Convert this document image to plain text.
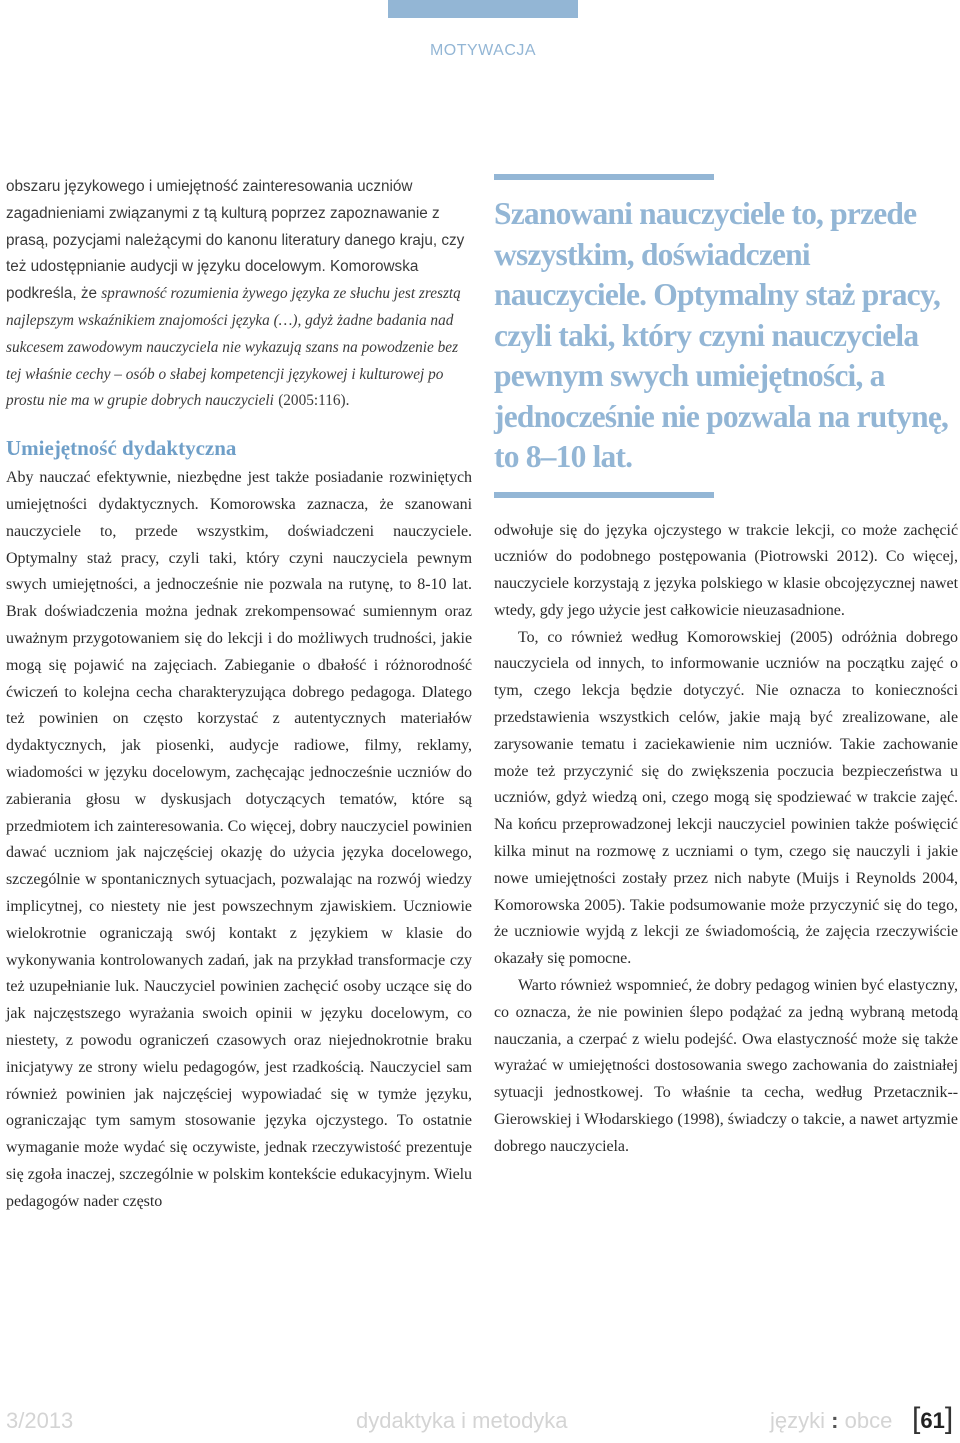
MOTYWACJA

obszaru językowego i umiejętność zainteresowania uczniów zagadnieniami związanymi z tą kulturą poprzez zapoznawanie z prasą, pozycjami należącymi do kanonu literatury danego kraju, czy też udostępnianie audycji w języku docelowym. Komorowska podkreśla, że sprawność rozumienia żywego języka ze słuchu jest zresztą najlepszym wskaźnikiem znajomości języka (…), gdyż żadne badania nad sukcesem zawodowym nauczyciela nie wykazują szans na powodzenie bez tej właśnie cechy – osób o słabej kompetencji językowej i kulturowej po prostu nie ma w grupie dobrych nauczycieli (2005:116).

Umiejętność dydaktyczna

Aby nauczać efektywnie, niezbędne jest także posiadanie rozwiniętych umiejętności dydaktycznych. Komorowska zaznacza, że szanowani nauczyciele to, przede wszystkim, doświadczeni nauczyciele. Optymalny staż pracy, czyli taki, który czyni nauczyciela pewnym swych umiejętności, a jednocześnie nie pozwala na rutynę, to 8-10 lat. Brak doświadczenia można jednak zrekompensować sumiennym oraz uważnym przygotowaniem się do lekcji i do możliwych trudności, jakie mogą się pojawić na zajęciach. Zabieganie o dbałość i różnorodność ćwiczeń to kolejna cecha charakteryzująca dobrego pedagoga. Dlatego też powinien on często korzystać z autentycznych materiałów dydaktycznych, jak piosenki, audycje radiowe, filmy, reklamy, wiadomości w języku docelowym, zachęcając jednocześnie uczniów do zabierania głosu w dyskusjach dotyczących tematów, które są przedmiotem ich zainteresowania. Co więcej, dobry nauczyciel powinien dawać uczniom jak najczęściej okazję do użycia języka docelowego, szczególnie w spontanicznych sytuacjach, pozwalając na rozwój wiedzy implicytnej, co niestety nie jest powszechnym zjawiskiem. Uczniowie wielokrotnie ograniczają swój kontakt z językiem w klasie do wykonywania kontrolowanych zadań, jak na przykład transformacje czy też uzupełnianie luk. Nauczyciel powinien zachęcić osoby uczące się do jak najczęstszego wyrażania swoich opinii w języku docelowym, co niestety, z powodu ograniczeń czasowych oraz niejednokrotnie braku inicjatywy ze strony wielu pedagogów, jest rzadkością. Nauczyciel sam również powinien jak najczęściej wypowiadać się w tymże języku, ograniczając tym samym stosowanie języka ojczystego. To ostatnie wymaganie może wydać się oczywiste, jednak rzeczywistość prezentuje się zgoła inaczej, szczególnie w polskim kontekście edukacyjnym. Wielu pedagogów nader często

Szanowani nauczyciele to, przede wszystkim, doświadczeni nauczyciele. Optymalny staż pracy, czyli taki, który czyni nauczyciela pewnym swych umiejętności, a jednocześnie nie pozwala na rutynę, to 8–10 lat.

odwołuje się do języka ojczystego w trakcie lekcji, co może zachęcić uczniów do podobnego postępowania (Piotrowski 2012). Co więcej, nauczyciele korzystają z języka polskiego w klasie obcojęzycznej nawet wtedy, gdy jego użycie jest całkowicie nieuzasadnione.

To, co również według Komorowskiej (2005) odróżnia dobrego nauczyciela od innych, to informowanie uczniów na początku zajęć o tym, czego lekcja będzie dotyczyć. Nie oznacza to konieczności przedstawienia wszystkich celów, jakie mają być zrealizowane, ale zarysowanie tematu i zaciekawienie nim uczniów. Takie zachowanie może też przyczynić się do zwiększenia poczucia bezpieczeństwa u uczniów, gdyż wiedzą oni, czego mogą się spodziewać w trakcie zajęć. Na końcu przeprowadzonej lekcji nauczyciel powinien także poświęcić kilka minut na rozmowę z uczniami o tym, czego się nauczyli i jakie nowe umiejętności zostały przez nich nabyte (Muijs i Reynolds 2004, Komorowska 2005). Takie podsumowanie może przyczynić się do tego, że uczniowie wyjdą z lekcji ze świadomością, że zajęcia rzeczywiście okazały się pomocne.

Warto również wspomnieć, że dobry pedagog winien być elastyczny, co oznacza, że nie powinien ślepo podążać za jedną wybraną metodą nauczania, a czerpać z wielu podejść. Owa elastyczność może się także wyrażać w umiejętności dostosowania swego zachowania do zaistniałej sytuacji jednostkowej. To właśnie ta cecha, według Przetacznik--Gierowskiej i Włodarskiego (1998), świadczy o takcie, a nawet artyzmie dobrego nauczyciela.

3/2013	dydaktyka i metodyka	języki : obce [61]
